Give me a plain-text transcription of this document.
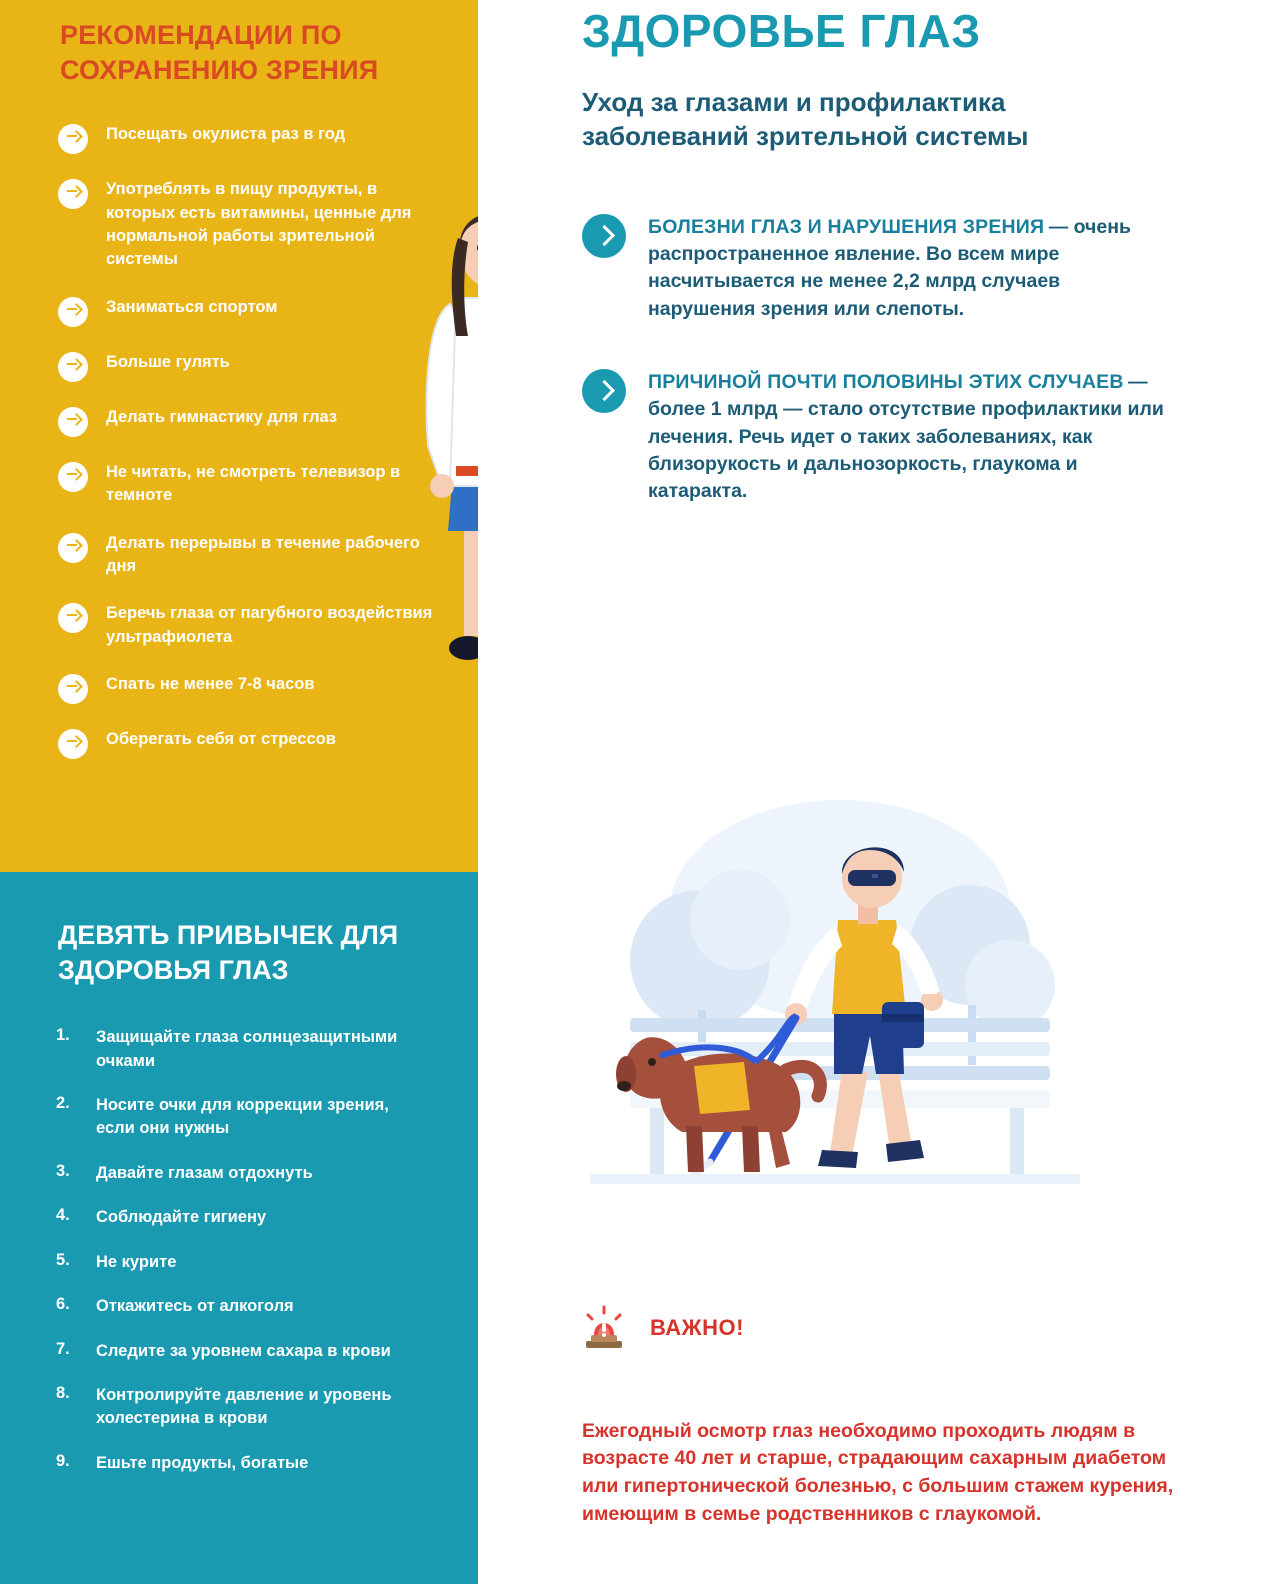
РЕКОМЕНДАЦИИ ПО СОХРАНЕНИЮ ЗРЕНИЯ
Посещать окулиста раз в год
Употреблять в пищу продукты, в которых есть витамины, ценные для нормальной работы зрительной системы
Заниматься спортом
Больше гулять
Делать гимнастику для глаз
Не читать, не смотреть телевизор в темноте
Делать перерывы в течение рабочего дня
Беречь глаза от пагубного воздействия ультрафиолета
Спать не менее 7-8 часов
Оберегать себя от стрессов
ДЕВЯТЬ ПРИВЫЧЕК ДЛЯ ЗДОРОВЬЯ ГЛАЗ
1.	Защищайте глаза солнцезащитными очками
2.	Носите очки для коррекции зрения, если они нужны
3.	Давайте глазам отдохнуть
4.	Соблюдайте гигиену
5.	Не курите
6.	Откажитесь от алкоголя
7.	Следите за уровнем сахара в крови
8.	Контролируйте давление и уровень холестерина в крови
9.	Ешьте продукты, богатые
ЗДОРОВЬЕ ГЛАЗ

Уход за глазами и профилактика заболеваний зрительной системы

БОЛЕЗНИ ГЛАЗ И НАРУШЕНИЯ ЗРЕНИЯ — очень распространенное явление. Во всем мире насчитывается не менее 2,2 млрд случаев нарушения зрения или слепоты.
ПРИЧИНОЙ ПОЧТИ ПОЛОВИНЫ ЭТИХ СЛУЧАЕВ — более 1 млрд — стало отсутствие профилактики или лечения. Речь идет о таких заболеваниях, как близорукость и дальнозоркость, глаукома и катаракта.
ВАЖНО!

Ежегодный осмотр глаз необходимо проходить людям в возрасте 40 лет и старше, страдающим сахарным диабетом или гипертонической болезнью, с большим стажем курения, имеющим в семье родственников с глаукомой.
